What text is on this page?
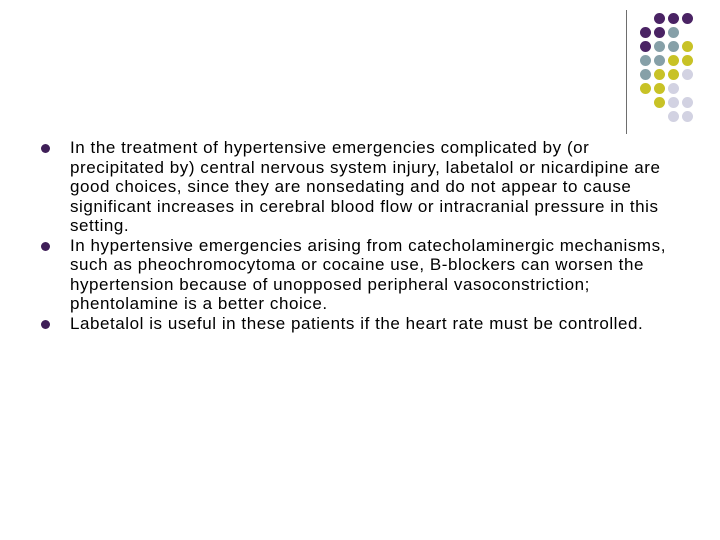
In the treatment of hypertensive emergencies complicated by (or precipitated by) central nervous system injury, labetalol or nicardipine are good choices, since they are nonsedating and do not appear to cause significant increases in cerebral blood flow or intracranial pressure in this setting.
In hypertensive emergencies arising from catecholaminergic mechanisms, such as pheochromocytoma or cocaine use, B-blockers can worsen the hypertension because of unopposed peripheral vasoconstriction; phentolamine is a better choice.
Labetalol is useful in these patients if the heart rate must be controlled.
